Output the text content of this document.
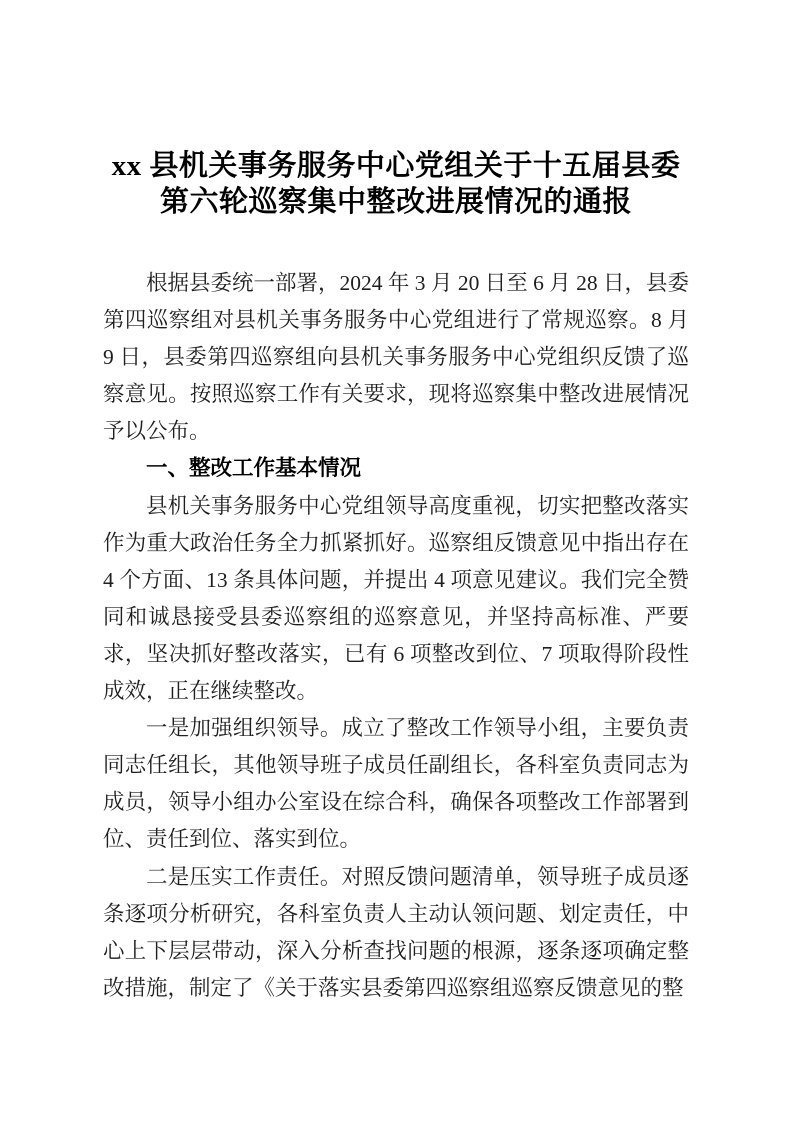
xx 县机关事务服务中心党组关于十五届县委第六轮巡察集中整改进展情况的通报

根据县委统一部署，2024 年 3 月 20 日至 6 月 28 日，县委第四巡察组对县机关事务服务中心党组进行了常规巡察。8 月 9 日，县委第四巡察组向县机关事务服务中心党组织反馈了巡察意见。按照巡察工作有关要求，现将巡察集中整改进展情况予以公布。

一、整改工作基本情况

县机关事务服务中心党组领导高度重视，切实把整改落实作为重大政治任务全力抓紧抓好。巡察组反馈意见中指出存在 4 个方面、13 条具体问题，并提出 4 项意见建议。我们完全赞同和诚恳接受县委巡察组的巡察意见，并坚持高标准、严要求，坚决抓好整改落实，已有 6 项整改到位、7 项取得阶段性成效，正在继续整改。

一是加强组织领导。成立了整改工作领导小组，主要负责同志任组长，其他领导班子成员任副组长，各科室负责同志为成员，领导小组办公室设在综合科，确保各项整改工作部署到位、责任到位、落实到位。

二是压实工作责任。对照反馈问题清单，领导班子成员逐条逐项分析研究，各科室负责人主动认领问题、划定责任，中心上下层层带动，深入分析查找问题的根源，逐条逐项确定整改措施，制定了《关于落实县委第四巡察组巡察反馈意见的整
